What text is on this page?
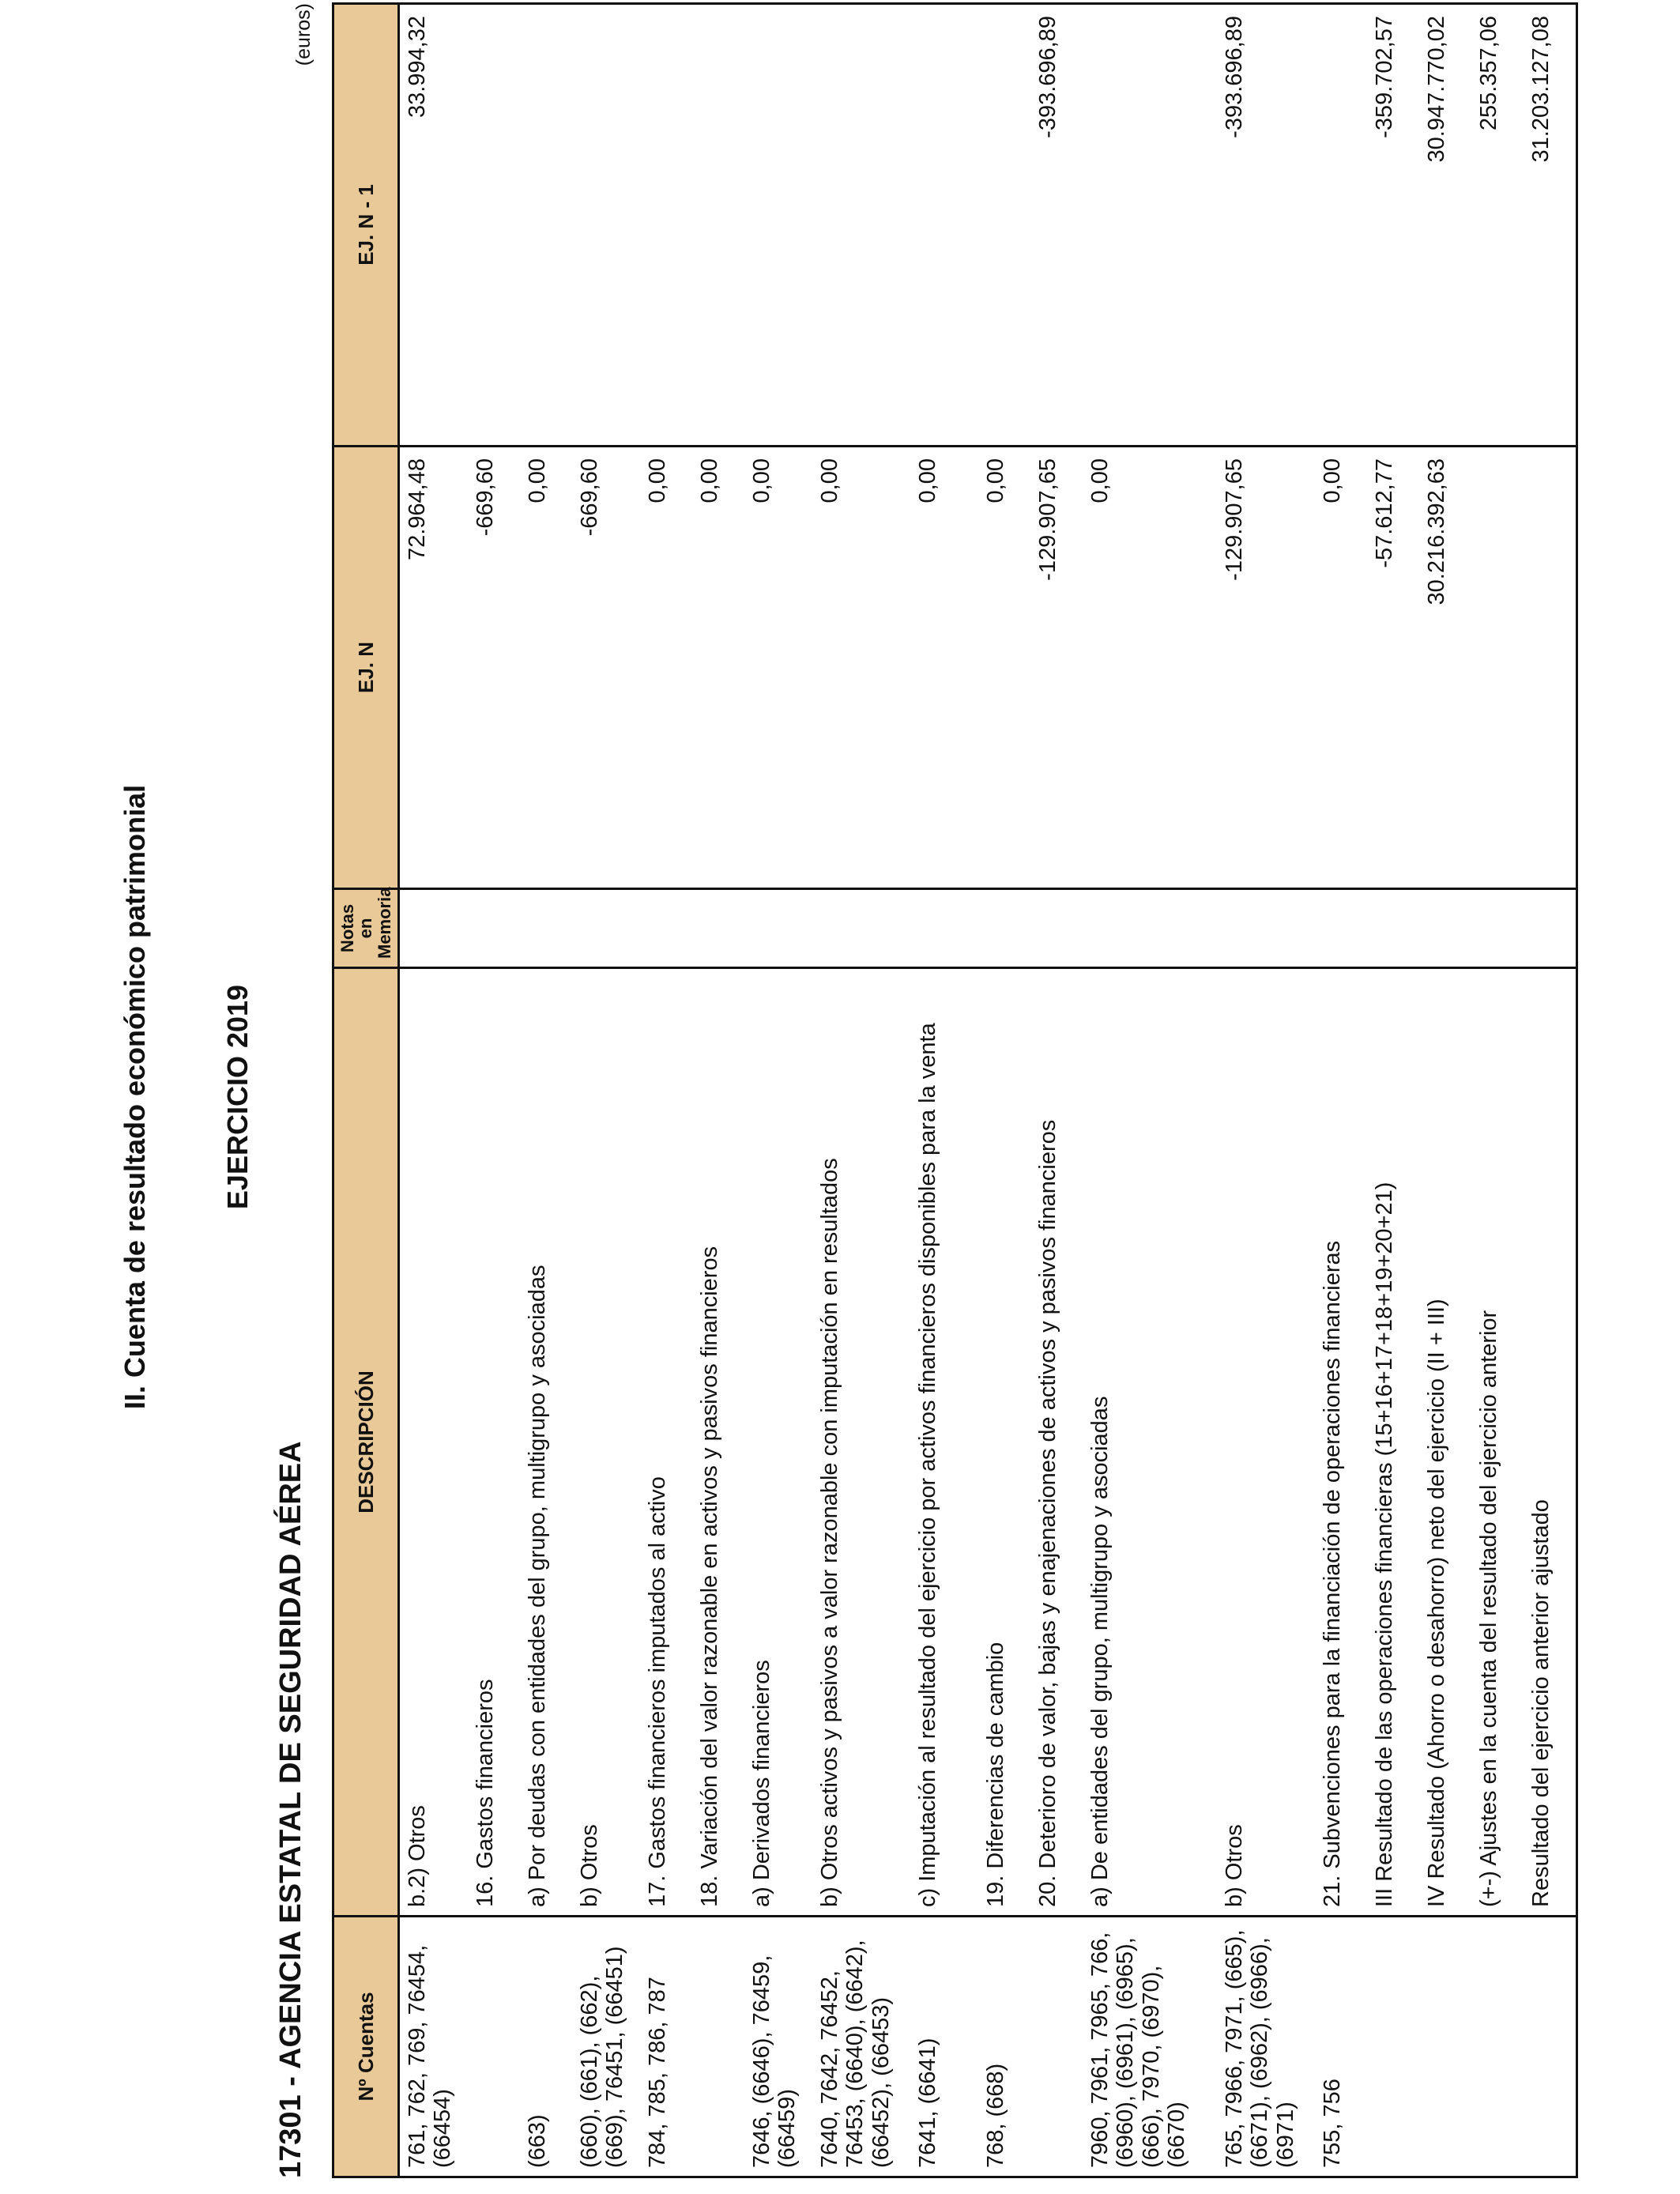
II. Cuenta de resultado económico patrimonial EJERCICIO 2019
17301 - AGENCIA ESTATAL DE SEGURIDAD AÉREA
(euros)
Nº Cuentas	DESCRIPCIÓN	Notas en Memoria	EJ. N	EJ. N - 1
761, 762, 769, 76454, (66454)	b.2) Otros		72.964,48	33.994,32
	16. Gastos financieros		-669,60	
(663)	a) Por deudas con entidades del grupo, multigrupo y asociadas		0,00	
(660), (661), (662), (669), 76451, (66451)	b) Otros		-669,60	
784, 785, 786, 787	17. Gastos financieros imputados al activo		0,00	
	18. Variación del valor razonable en activos y pasivos financieros		0,00	
7646, (6646), 76459, (66459)	a) Derivados financieros		0,00	
7640, 7642, 76452, 76453, (6640), (6642), (66452), (66453)	b) Otros activos y pasivos a valor razonable con imputación en resultados		0,00	
7641, (6641)	c) Imputación al resultado del ejercicio por activos financieros disponibles para la venta		0,00	
768, (668)	19. Diferencias de cambio		0,00	
	20. Deterioro de valor, bajas y enajenaciones de activos y pasivos financieros		-129.907,65	-393.696,89
7960, 7961, 7965, 766, (6960), (6961), (6965), (666), 7970, (6970), (6670)	a) De entidades del grupo, multigrupo y asociadas		0,00	
765, 7966, 7971, (665), (6671), (6962), (6966), (6971)	b) Otros		-129.907,65	-393.696,89
755, 756	21. Subvenciones para la financiación de operaciones financieras		0,00	
	III Resultado de las operaciones financieras (15+16+17+18+19+20+21)		-57.612,77	-359.702,57
	IV Resultado (Ahorro o desahorro) neto del ejercicio (II + III)		30.216.392,63	30.947.770,02
	(+-) Ajustes en la cuenta del resultado del ejercicio anterior			255.357,06
	Resultado del ejercicio anterior ajustado			31.203.127,08
